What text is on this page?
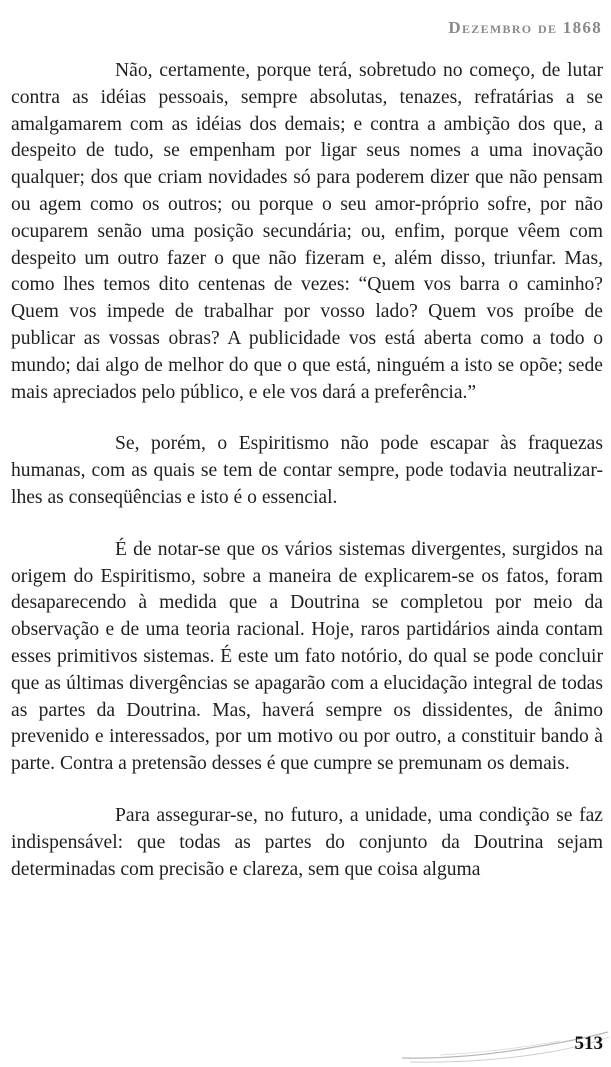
Dezembro de 1868

Não, certamente, porque terá, sobretudo no começo, de lutar contra as idéias pessoais, sempre absolutas, tenazes, refratárias a se amalgamarem com as idéias dos demais; e contra a ambição dos que, a despeito de tudo, se empenham por ligar seus nomes a uma inovação qualquer; dos que criam novidades só para poderem dizer que não pensam ou agem como os outros; ou porque o seu amor-próprio sofre, por não ocuparem senão uma posição secundária; ou, enfim, porque vêem com despeito um outro fazer o que não fizeram e, além disso, triunfar. Mas, como lhes temos dito centenas de vezes: “Quem vos barra o caminho? Quem vos impede de trabalhar por vosso lado? Quem vos proíbe de publicar as vossas obras? A publicidade vos está aberta como a todo o mundo; dai algo de melhor do que o que está, ninguém a isto se opõe; sede mais apreciados pelo público, e ele vos dará a preferência.”

Se, porém, o Espiritismo não pode escapar às fraquezas humanas, com as quais se tem de contar sempre, pode todavia neutralizar-lhes as conseqüências e isto é o essencial.

É de notar-se que os vários sistemas divergentes, surgidos na origem do Espiritismo, sobre a maneira de explicarem-se os fatos, foram desaparecendo à medida que a Doutrina se completou por meio da observação e de uma teoria racional. Hoje, raros partidários ainda contam esses primitivos sistemas. É este um fato notório, do qual se pode concluir que as últimas divergências se apagarão com a elucidação integral de todas as partes da Doutrina. Mas, haverá sempre os dissidentes, de ânimo prevenido e interessados, por um motivo ou por outro, a constituir bando à parte. Contra a pretensão desses é que cumpre se premunam os demais.

Para assegurar-se, no futuro, a unidade, uma condição se faz indispensável: que todas as partes do conjunto da Doutrina sejam determinadas com precisão e clareza, sem que coisa alguma

513
